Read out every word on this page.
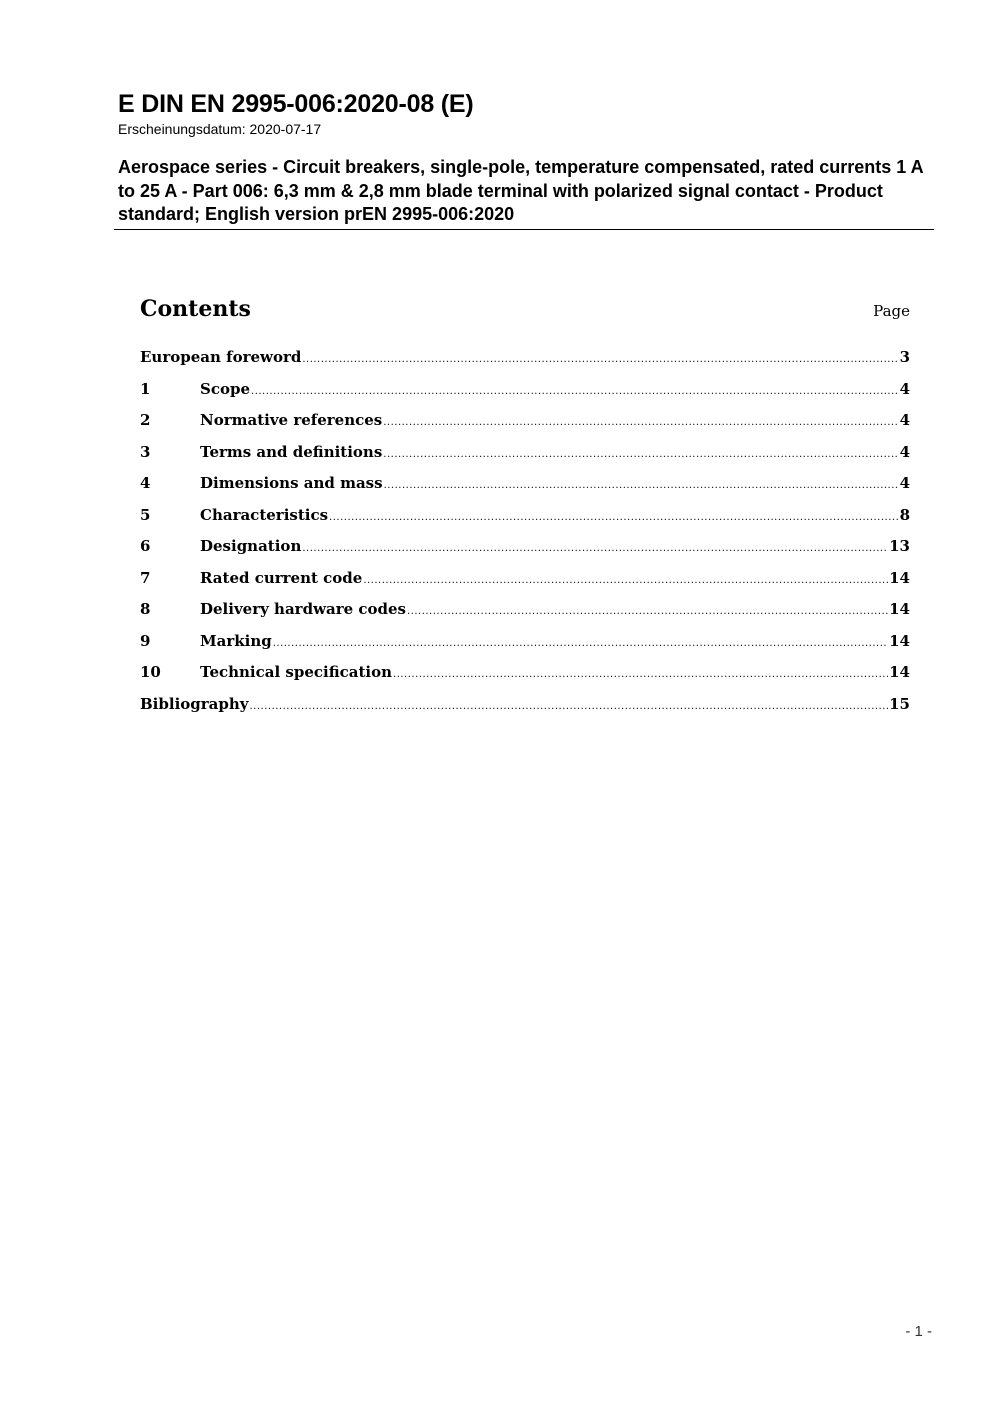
E DIN EN 2995-006:2020-08 (E)
Erscheinungsdatum: 2020-07-17
Aerospace series - Circuit breakers, single-pole, temperature compensated, rated currents 1 A to 25 A - Part 006: 6,3 mm & 2,8 mm blade terminal with polarized signal contact - Product standard; English version prEN 2995-006:2020
Contents	Page
European foreword .....	3
1	Scope .....	4
2	Normative references .....	4
3	Terms and definitions .....	4
4	Dimensions and mass .....	4
5	Characteristics .....	8
6	Designation .....	13
7	Rated current code .....	14
8	Delivery hardware codes .....	14
9	Marking .....	14
10	Technical specification .....	14
Bibliography .....	15
- 1 -
